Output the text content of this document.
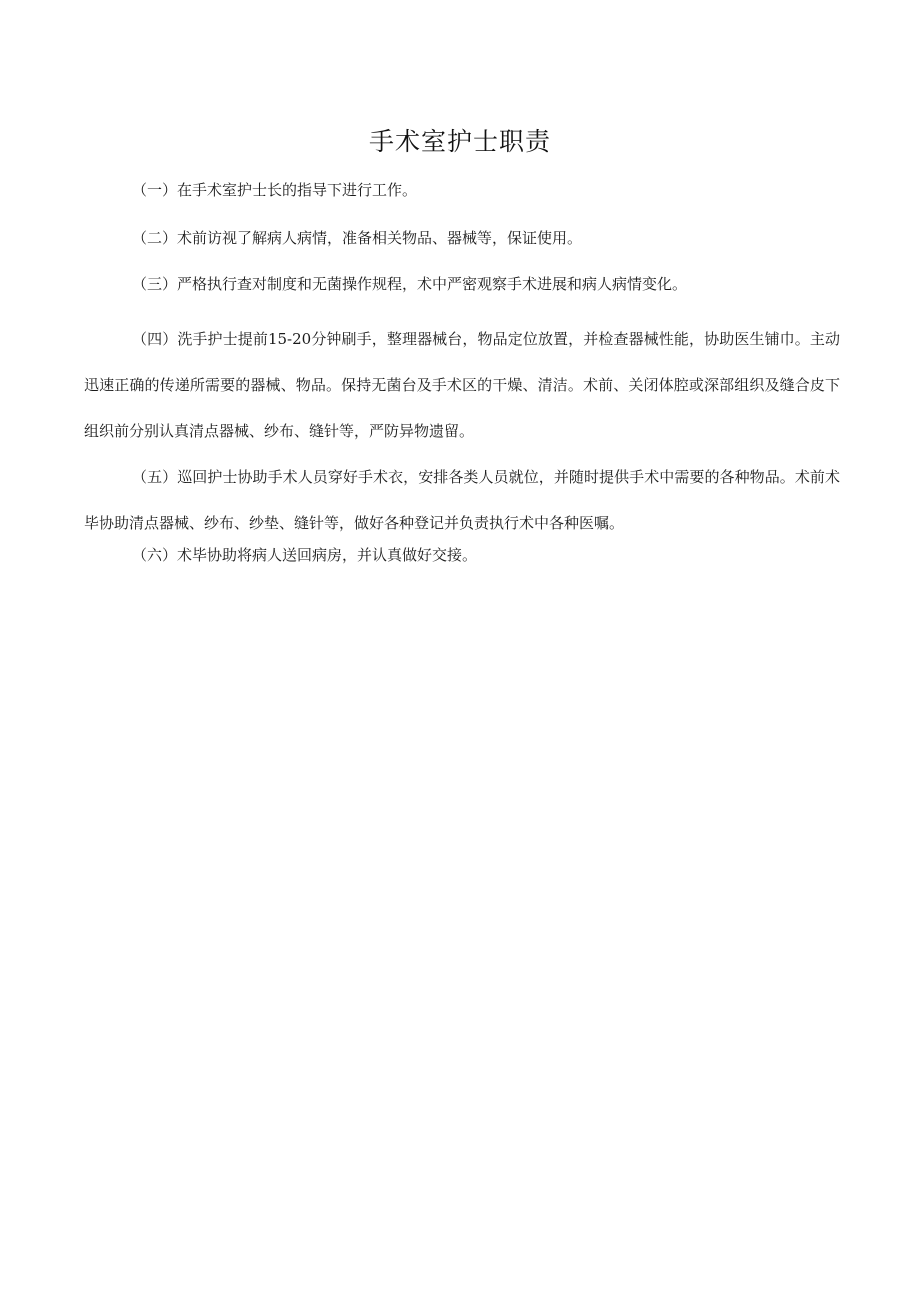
手术室护士职责

（一）在手术室护士长的指导下进行工作。

（二）术前访视了解病人病情，准备相关物品、器械等，保证使用。

（三）严格执行查对制度和无菌操作规程，术中严密观察手术进展和病人病情变化。

（四）洗手护士提前15-20分钟刷手，整理器械台，物品定位放置，并检查器械性能，协助医生铺巾。主动迅速正确的传递所需要的器械、物品。保持无菌台及手术区的干燥、清洁。术前、关闭体腔或深部组织及缝合皮下组织前分别认真清点器械、纱布、缝针等，严防异物遗留。

（五）巡回护士协助手术人员穿好手术衣，安排各类人员就位，并随时提供手术中需要的各种物品。术前术毕协助清点器械、纱布、纱垫、缝针等，做好各种登记并负责执行术中各种医嘱。

（六）术毕协助将病人送回病房，并认真做好交接。
